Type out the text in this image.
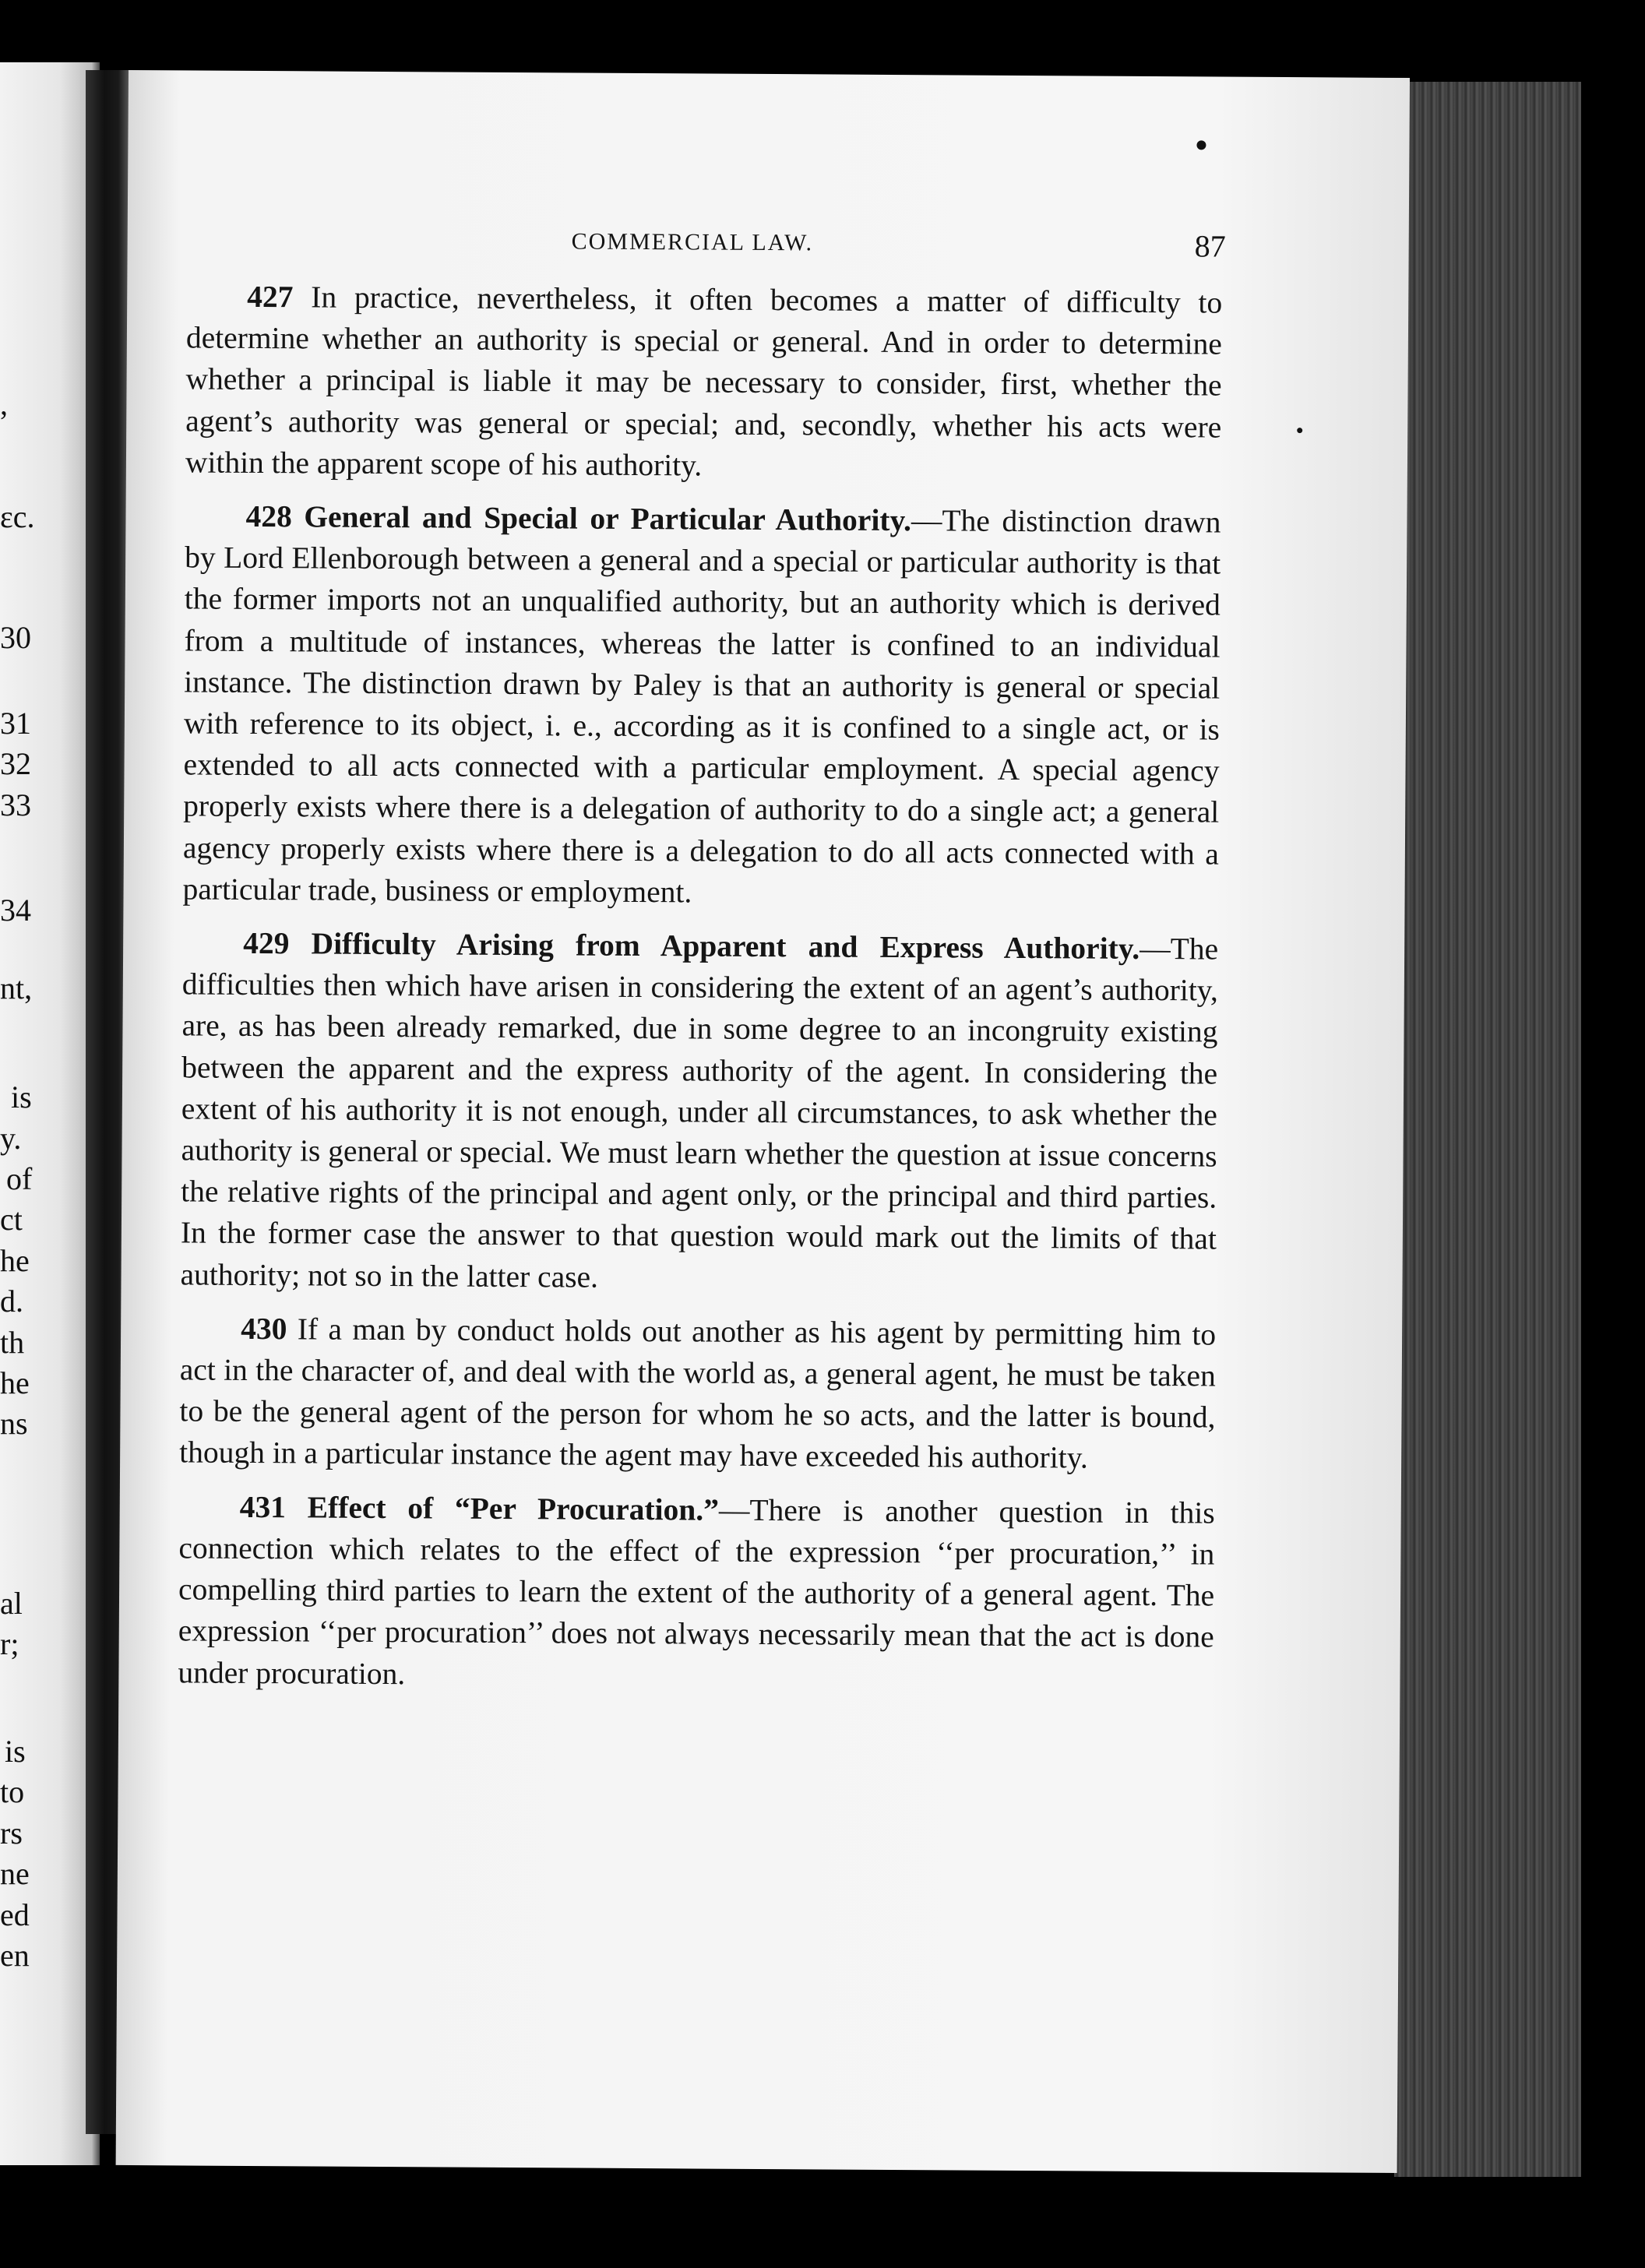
,
ɛc.
30
31
32
33
34
nt,
is
y.
of
ct
he
d.
th
he
ns
al
r;
is
to
rs
ne
ed
en
COMMERCIAL LAW.	87

427 In practice, nevertheless, it often becomes a matter of difficulty to determine whether an authority is special or general. And in order to determine whether a principal is liable it may be necessary to consider, first, whether the agent’s authority was general or special; and, secondly, whether his acts were within the apparent scope of his authority.

428 General and Special or Particular Authority.—The distinction drawn by Lord Ellenborough between a general and a special or particular authority is that the former imports not an unqualified authority, but an authority which is derived from a multitude of instances, whereas the latter is confined to an individual instance. The distinction drawn by Paley is that an authority is general or special with reference to its object, i. e., according as it is confined to a single act, or is extended to all acts connected with a particular employment. A special agency properly exists where there is a delegation of authority to do a single act; a general agency properly exists where there is a delegation to do all acts connected with a particular trade, business or employment.

429 Difficulty Arising from Apparent and Express Authority.—The difficulties then which have arisen in considering the extent of an agent’s authority, are, as has been already remarked, due in some degree to an incongruity existing between the apparent and the express authority of the agent. In considering the extent of his authority it is not enough, under all circumstances, to ask whether the authority is general or special. We must learn whether the question at issue concerns the relative rights of the principal and agent only, or the principal and third parties. In the former case the answer to that question would mark out the limits of that authority; not so in the latter case.

430 If a man by conduct holds out another as his agent by permitting him to act in the character of, and deal with the world as, a general agent, he must be taken to be the general agent of the person for whom he so acts, and the latter is bound, though in a particular instance the agent may have exceeded his authority.

431 Effect of “Per Procuration.”—There is another question in this connection which relates to the effect of the expression ‘‘per procuration,’’ in compelling third parties to learn the extent of the authority of a general agent. The expression ‘‘per procuration’’ does not always necessarily mean that the act is done under procuration.
